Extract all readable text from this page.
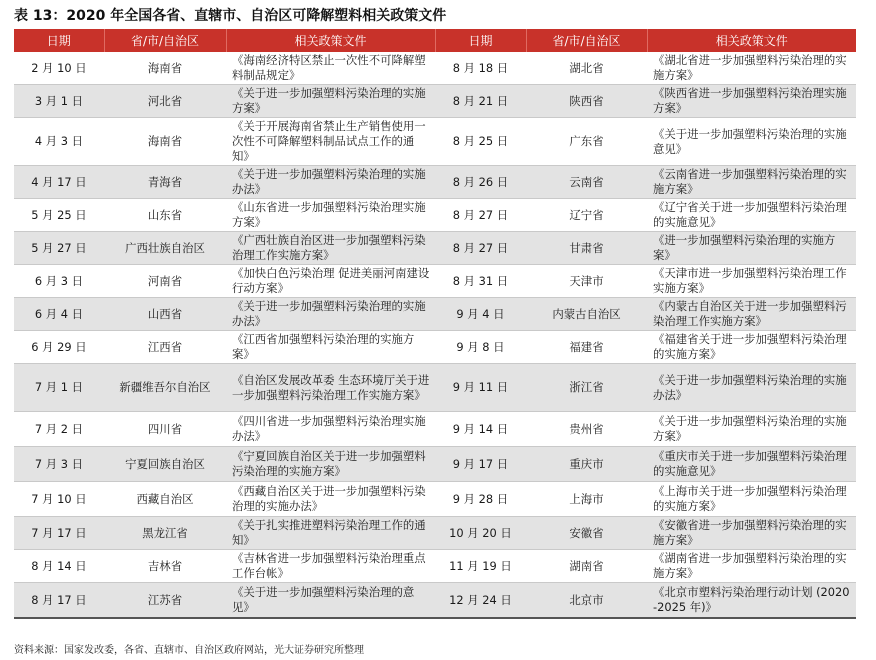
表 13：2020 年全国各省、直辖市、自治区可降解塑料相关政策文件
日期	省/市/自治区	相关政策文件	日期	省/市/自治区	相关政策文件
2 月 10 日	海南省	《海南经济特区禁止一次性不可降解塑料制品规定》	8 月 18 日	湖北省	《湖北省进一步加强塑料污染治理的实施方案》
3 月 1 日	河北省	《关于进一步加强塑料污染治理的实施方案》	8 月 21 日	陕西省	《陕西省进一步加强塑料污染治理实施方案》
4 月 3 日	海南省	《关于开展海南省禁止生产销售使用一次性不可降解塑料制品试点工作的通知》	8 月 25 日	广东省	《关于进一步加强塑料污染治理的实施意见》
4 月 17 日	青海省	《关于进一步加强塑料污染治理的实施办法》	8 月 26 日	云南省	《云南省进一步加强塑料污染治理的实施方案》
5 月 25 日	山东省	《山东省进一步加强塑料污染治理实施方案》	8 月 27 日	辽宁省	《辽宁省关于进一步加强塑料污染治理的实施意见》
5 月 27 日	广西壮族自治区	《广西壮族自治区进一步加强塑料污染治理工作实施方案》	8 月 27 日	甘肃省	《进一步加强塑料污染治理的实施方案》
6 月 3 日	河南省	《加快白色污染治理 促进美丽河南建设行动方案》	8 月 31 日	天津市	《天津市进一步加强塑料污染治理工作实施方案》
6 月 4 日	山西省	《关于进一步加强塑料污染治理的实施办法》	9 月 4 日	内蒙古自治区	《内蒙古自治区关于进一步加强塑料污染治理工作实施方案》
6 月 29 日	江西省	《江西省加强塑料污染治理的实施方案》	9 月 8 日	福建省	《福建省关于进一步加强塑料污染治理的实施方案》
7 月 1 日	新疆维吾尔自治区	《自治区发展改革委 生态环境厅关于进一步加强塑料污染治理工作实施方案》	9 月 11 日	浙江省	《关于进一步加强塑料污染治理的实施办法》
7 月 2 日	四川省	《四川省进一步加强塑料污染治理实施办法》	9 月 14 日	贵州省	《关于进一步加强塑料污染治理的实施方案》
7 月 3 日	宁夏回族自治区	《宁夏回族自治区关于进一步加强塑料污染治理的实施方案》	9 月 17 日	重庆市	《重庆市关于进一步加强塑料污染治理的实施意见》
7 月 10 日	西藏自治区	《西藏自治区关于进一步加强塑料污染治理的实施办法》	9 月 28 日	上海市	《上海市关于进一步加强塑料污染治理的实施方案》
7 月 17 日	黑龙江省	《关于扎实推进塑料污染治理工作的通知》	10 月 20 日	安徽省	《安徽省进一步加强塑料污染治理的实施方案》
8 月 14 日	吉林省	《吉林省进一步加强塑料污染治理重点工作台帐》	11 月 19 日	湖南省	《湖南省进一步加强塑料污染治理的实施方案》
8 月 17 日	江苏省	《关于进一步加强塑料污染治理的意见》	12 月 24 日	北京市	《北京市塑料污染治理行动计划 (2020-2025 年)》
资料来源：国家发改委，各省、直辖市、自治区政府网站，光大证券研究所整理
